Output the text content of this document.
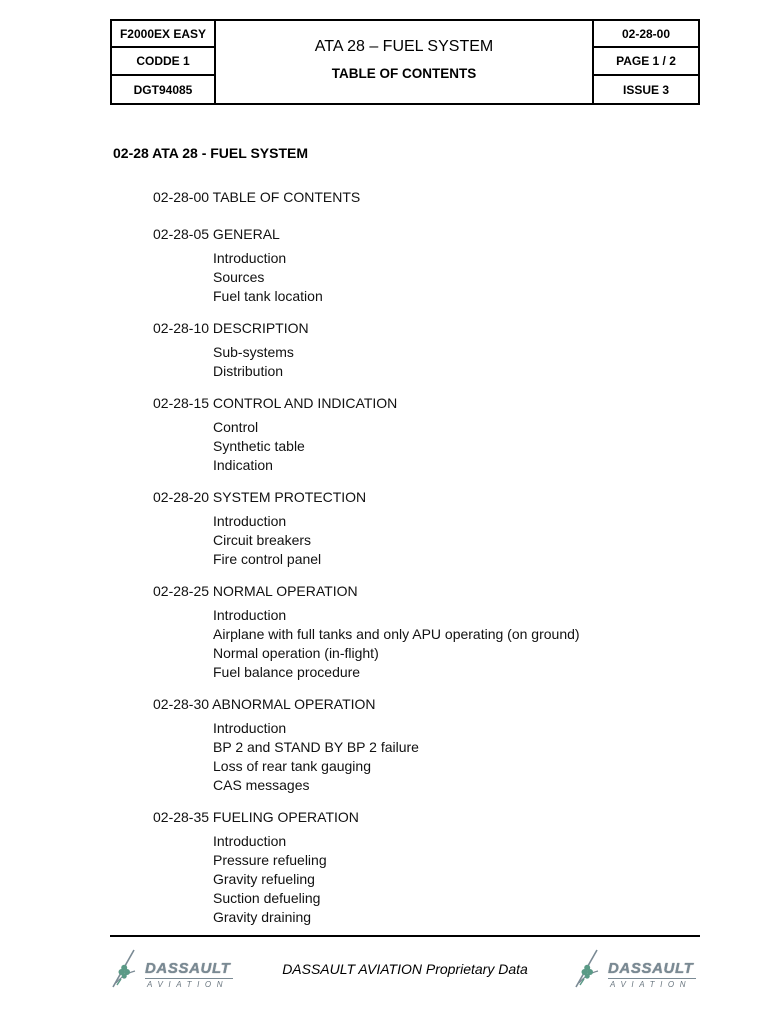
F2000EX EASY
CODDE 1
DGT94085
ATA 28 – FUEL SYSTEM
TABLE OF CONTENTS
02-28-00
PAGE 1 / 2
ISSUE 3
02-28 ATA 28 - FUEL SYSTEM
02-28-00 TABLE OF CONTENTS
02-28-05 GENERAL
Introduction
Sources
Fuel tank location
02-28-10 DESCRIPTION
Sub-systems
Distribution
02-28-15 CONTROL AND INDICATION
Control
Synthetic table
Indication
02-28-20 SYSTEM PROTECTION
Introduction
Circuit breakers
Fire control panel
02-28-25 NORMAL OPERATION
Introduction
Airplane with full tanks and only APU operating (on ground)
Normal operation (in-flight)
Fuel balance procedure
02-28-30 ABNORMAL OPERATION
Introduction
BP 2 and STAND BY BP 2 failure
Loss of rear tank gauging
CAS messages
02-28-35 FUELING OPERATION
Introduction
Pressure refueling
Gravity refueling
Suction defueling
Gravity draining
DASSAULT
AVIATION
DASSAULT AVIATION Proprietary Data	DASSAULT
AVIATION
